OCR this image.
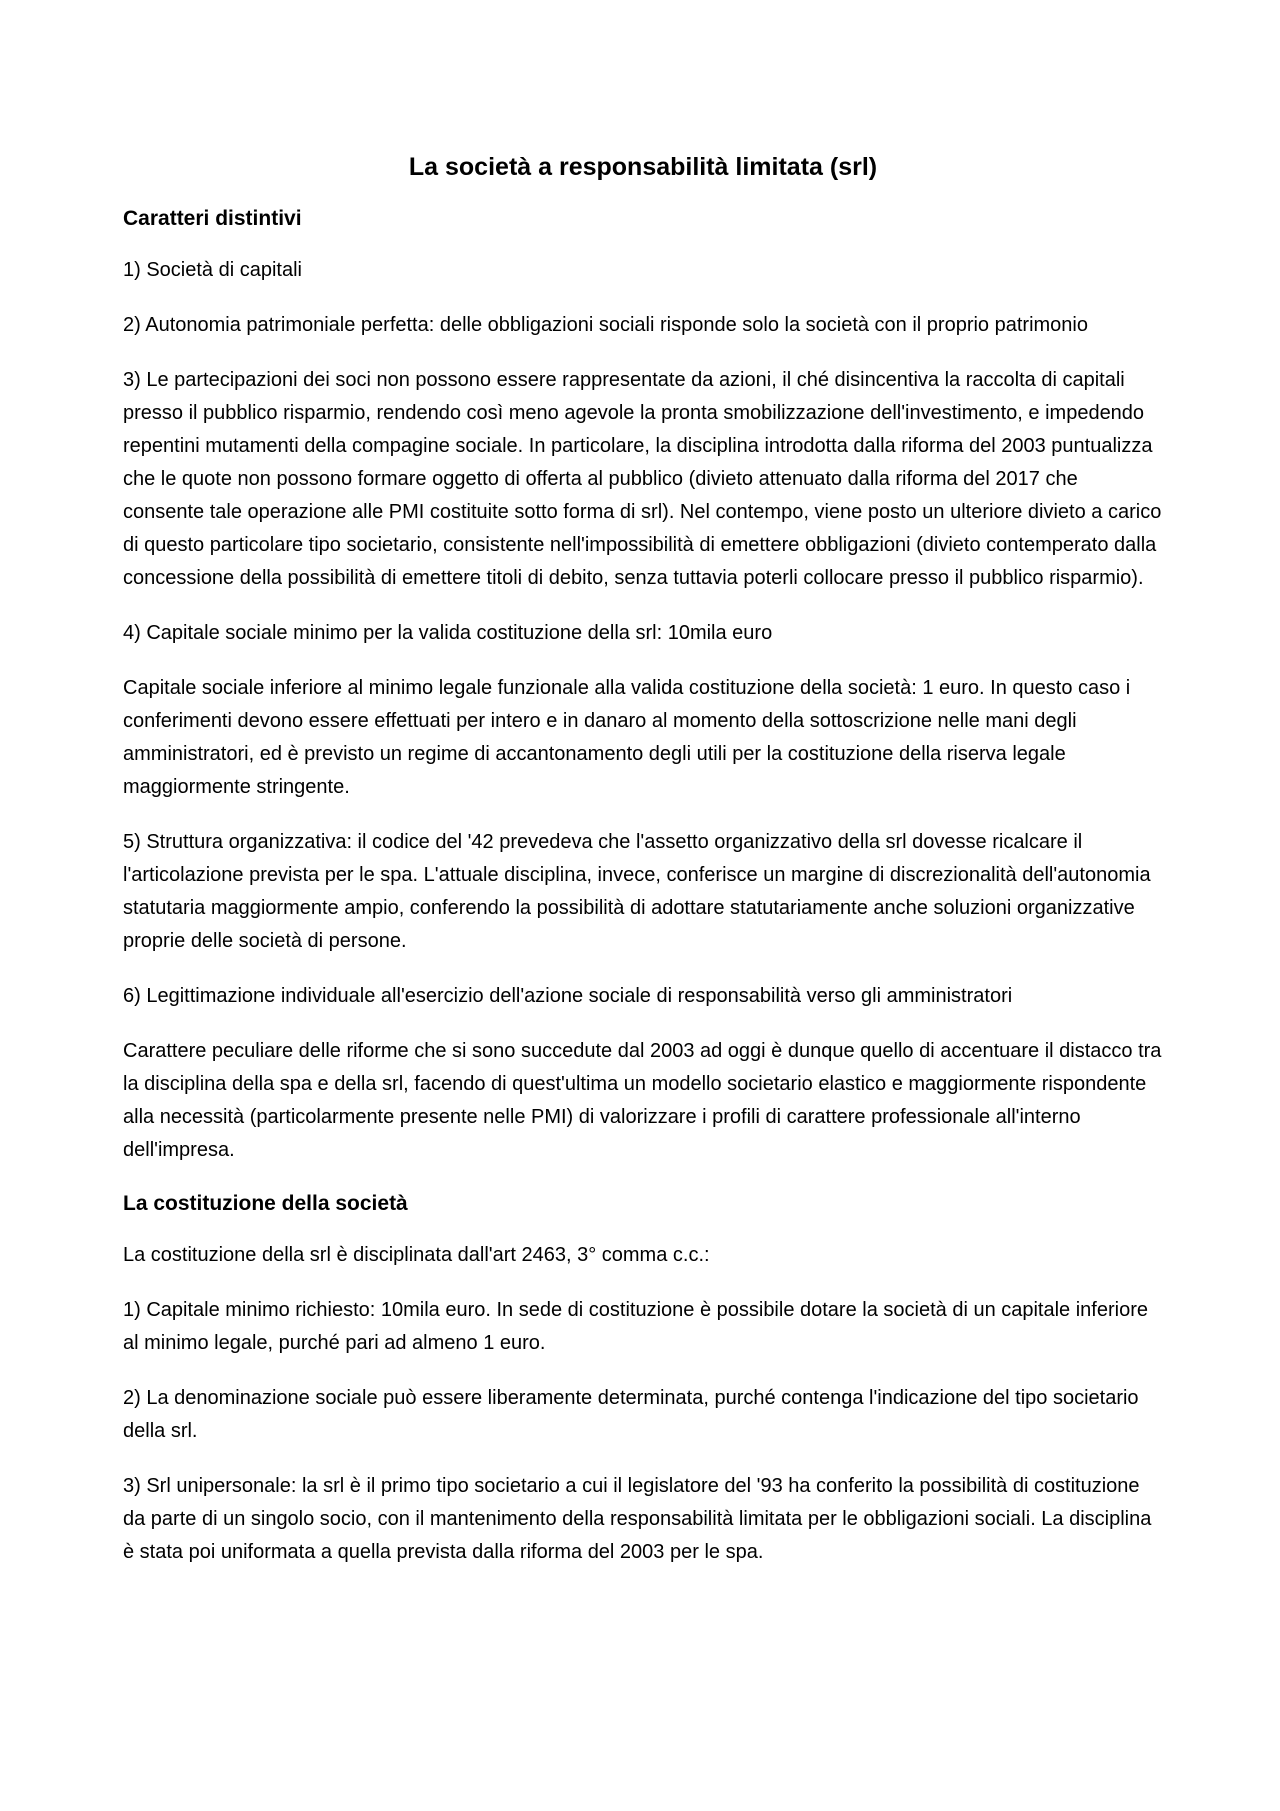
La società a responsabilità limitata (srl)
Caratteri distintivi

1) Società di capitali

2) Autonomia patrimoniale perfetta: delle obbligazioni sociali risponde solo la società con il proprio patrimonio

3) Le partecipazioni dei soci non possono essere rappresentate da azioni, il ché disincentiva la raccolta di capitali presso il pubblico risparmio, rendendo così meno agevole la pronta smobilizzazione dell'investimento, e impedendo repentini mutamenti della compagine sociale. In particolare, la disciplina introdotta dalla riforma del 2003 puntualizza che le quote non possono formare oggetto di offerta al pubblico (divieto attenuato dalla riforma del 2017 che consente tale operazione alle PMI costituite sotto forma di srl). Nel contempo, viene posto un ulteriore divieto a carico di questo particolare tipo societario, consistente nell'impossibilità di emettere obbligazioni (divieto contemperato dalla concessione della possibilità di emettere titoli di debito, senza tuttavia poterli collocare presso il pubblico risparmio).

4) Capitale sociale minimo per la valida costituzione della srl: 10mila euro

Capitale sociale inferiore al minimo legale funzionale alla valida costituzione della società: 1 euro. In questo caso i conferimenti devono essere effettuati per intero e in danaro al momento della sottoscrizione nelle mani degli amministratori, ed è previsto un regime di accantonamento degli utili per la costituzione della riserva legale maggiormente stringente.

5) Struttura organizzativa: il codice del '42 prevedeva che l'assetto organizzativo della srl dovesse ricalcare il l'articolazione prevista per le spa. L'attuale disciplina, invece, conferisce un margine di discrezionalità dell'autonomia statutaria maggiormente ampio, conferendo la possibilità di adottare statutariamente anche soluzioni organizzative proprie delle società di persone.

6) Legittimazione individuale all'esercizio dell'azione sociale di responsabilità verso gli amministratori

Carattere peculiare delle riforme che si sono succedute dal 2003 ad oggi è dunque quello di accentuare il distacco tra la disciplina della spa e della srl, facendo di quest'ultima un modello societario elastico e maggiormente rispondente alla necessità (particolarmente presente nelle PMI) di valorizzare i profili di carattere professionale all'interno dell'impresa.

La costituzione della società

La costituzione della srl è disciplinata dall'art 2463, 3° comma c.c.:

1) Capitale minimo richiesto: 10mila euro. In sede di costituzione è possibile dotare la società di un capitale inferiore al minimo legale, purché pari ad almeno 1 euro.

2) La denominazione sociale può essere liberamente determinata, purché contenga l'indicazione del tipo societario della srl.

3) Srl unipersonale: la srl è il primo tipo societario a cui il legislatore del '93 ha conferito la possibilità di costituzione da parte di un singolo socio, con il mantenimento della responsabilità limitata per le obbligazioni sociali. La disciplina è stata poi uniformata a quella prevista dalla riforma del 2003 per le spa.
